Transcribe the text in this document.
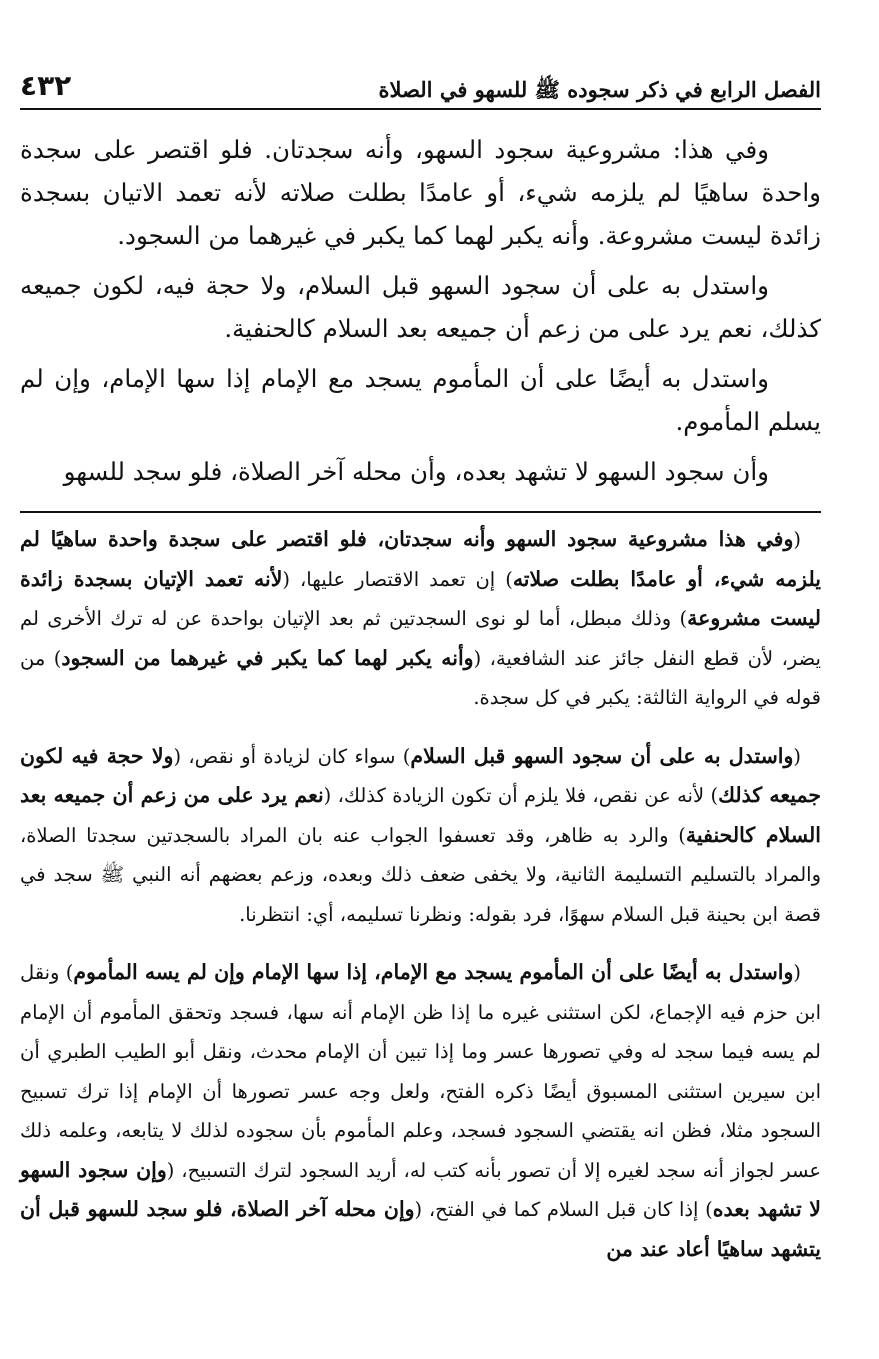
الفصل الرابع في ذكر سجوده ﷺ للسهو في الصلاة
٤٣٢

وفي هذا: مشروعية سجود السهو، وأنه سجدتان. فلو اقتصر على سجدة واحدة ساهيًا لم يلزمه شيء، أو عامدًا بطلت صلاته لأنه تعمد الاتيان بسجدة زائدة ليست مشروعة. وأنه يكبر لهما كما يكبر في غيرهما من السجود.

واستدل به على أن سجود السهو قبل السلام، ولا حجة فيه، لكون جميعه كذلك، نعم يرد على من زعم أن جميعه بعد السلام كالحنفية.

واستدل به أيضًا على أن المأموم يسجد مع الإمام إذا سها الإمام، وإن لم يسلم المأموم.

وأن سجود السهو لا تشهد بعده، وأن محله آخر الصلاة، فلو سجد للسهو

(وفي هذا مشروعية سجود السهو وأنه سجدتان، فلو اقتصر على سجدة واحدة ساهيًا لم يلزمه شيء، أو عامدًا بطلت صلاته) إن تعمد الاقتصار عليها، (لأنه تعمد الإتيان بسجدة زائدة ليست مشروعة) وذلك مبطل، أما لو نوى السجدتين ثم بعد الإتيان بواحدة عن له ترك الأخرى لم يضر، لأن قطع النفل جائز عند الشافعية، (وأنه يكبر لهما كما يكبر في غيرهما من السجود) من قوله في الرواية الثالثة: يكبر في كل سجدة.

(واستدل به على أن سجود السهو قبل السلام) سواء كان لزيادة أو نقص، (ولا حجة فيه لكون جميعه كذلك) لأنه عن نقص، فلا يلزم أن تكون الزيادة كذلك، (نعم يرد على من زعم أن جميعه بعد السلام كالحنفية) والرد به ظاهر، وقد تعسفوا الجواب عنه بان المراد بالسجدتين سجدتا الصلاة، والمراد بالتسليم التسليمة الثانية، ولا يخفى ضعف ذلك وبعده، وزعم بعضهم أنه النبي ﷺ سجد في قصة ابن بحينة قبل السلام سهوًا، فرد بقوله: ونظرنا تسليمه، أي: انتظرنا.

(واستدل به أيضًا على أن المأموم يسجد مع الإمام، إذا سها الإمام وإن لم يسه المأموم) ونقل ابن حزم فيه الإجماع، لكن استثنى غيره ما إذا ظن الإمام أنه سها، فسجد وتحقق المأموم أن الإمام لم يسه فيما سجد له وفي تصورها عسر وما إذا تبين أن الإمام محدث، ونقل أبو الطيب الطبري أن ابن سيرين استثنى المسبوق أيضًا ذكره الفتح، ولعل وجه عسر تصورها أن الإمام إذا ترك تسبيح السجود مثلا، فظن انه يقتضي السجود فسجد، وعلم المأموم بأن سجوده لذلك لا يتابعه، وعلمه ذلك عسر لجواز أنه سجد لغيره إلا أن تصور بأنه كتب له، أريد السجود لترك التسبيح، (وإن سجود السهو لا تشهد بعده) إذا كان قبل السلام كما في الفتح، (وإن محله آخر الصلاة، فلو سجد للسهو قبل أن يتشهد ساهيًا أعاد عند من
